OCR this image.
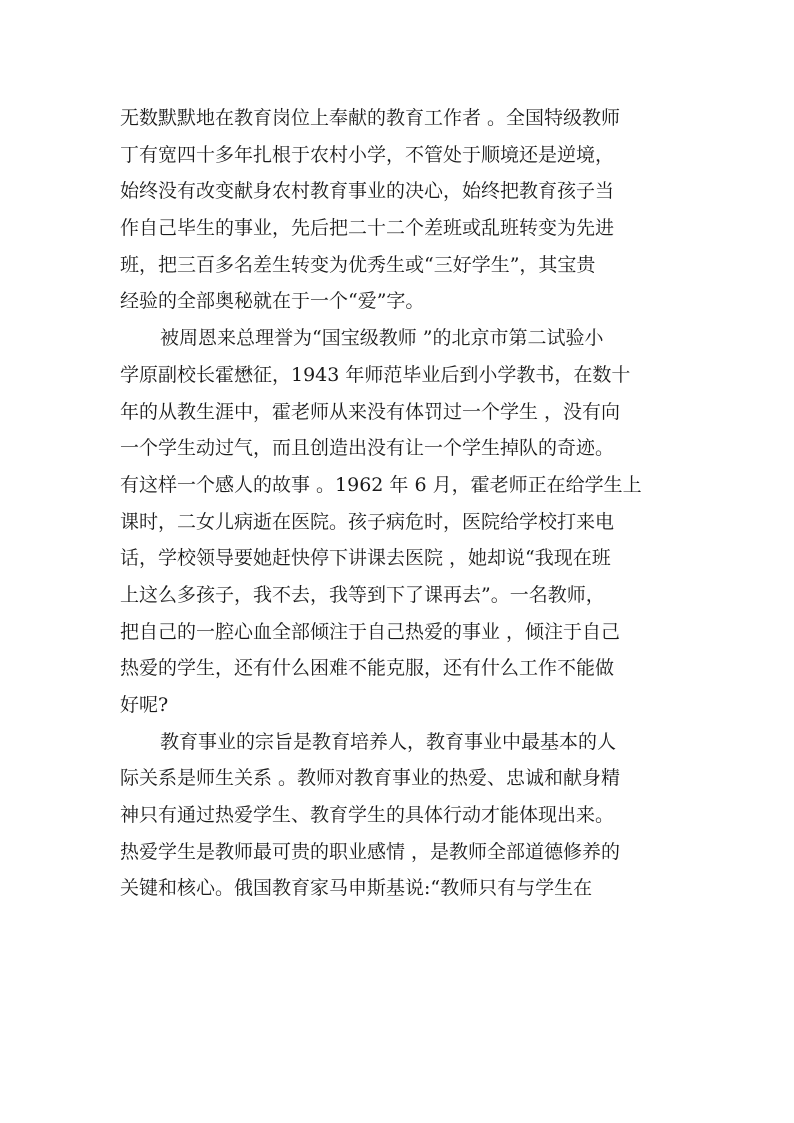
无数默默地在教育岗位上奉献的教育工作者 。全国特级教师
丁有宽四十多年扎根于农村小学，不管处于顺境还是逆境，
始终没有改变献身农村教育事业的决心，始终把教育孩子当
作自己毕生的事业，先后把二十二个差班或乱班转变为先进
班，把三百多名差生转变为优秀生或“三好学生”，其宝贵
经验的全部奥秘就在于一个“爱”字。
被周恩来总理誉为“国宝级教师 ”的北京市第二试验小
学原副校长霍懋征，1943 年师范毕业后到小学教书，在数十
年的从教生涯中，霍老师从来没有体罚过一个学生 ，没有向
一个学生动过气，而且创造出没有让一个学生掉队的奇迹。
有这样一个感人的故事 。1962 年 6 月，霍老师正在给学生上
课时，二女儿病逝在医院。孩子病危时，医院给学校打来电
话，学校领导要她赶快停下讲课去医院 ，她却说“我现在班
上这么多孩子，我不去，我等到下了课再去”。一名教师，
把自己的一腔心血全部倾注于自己热爱的事业 ，倾注于自己
热爱的学生，还有什么困难不能克服，还有什么工作不能做
好呢?
教育事业的宗旨是教育培养人，教育事业中最基本的人
际关系是师生关系 。教师对教育事业的热爱、忠诚和献身精
神只有通过热爱学生、教育学生的具体行动才能体现出来。
热爱学生是教师最可贵的职业感情 ，是教师全部道德修养的
关键和核心。俄国教育家马申斯基说:“教师只有与学生在
